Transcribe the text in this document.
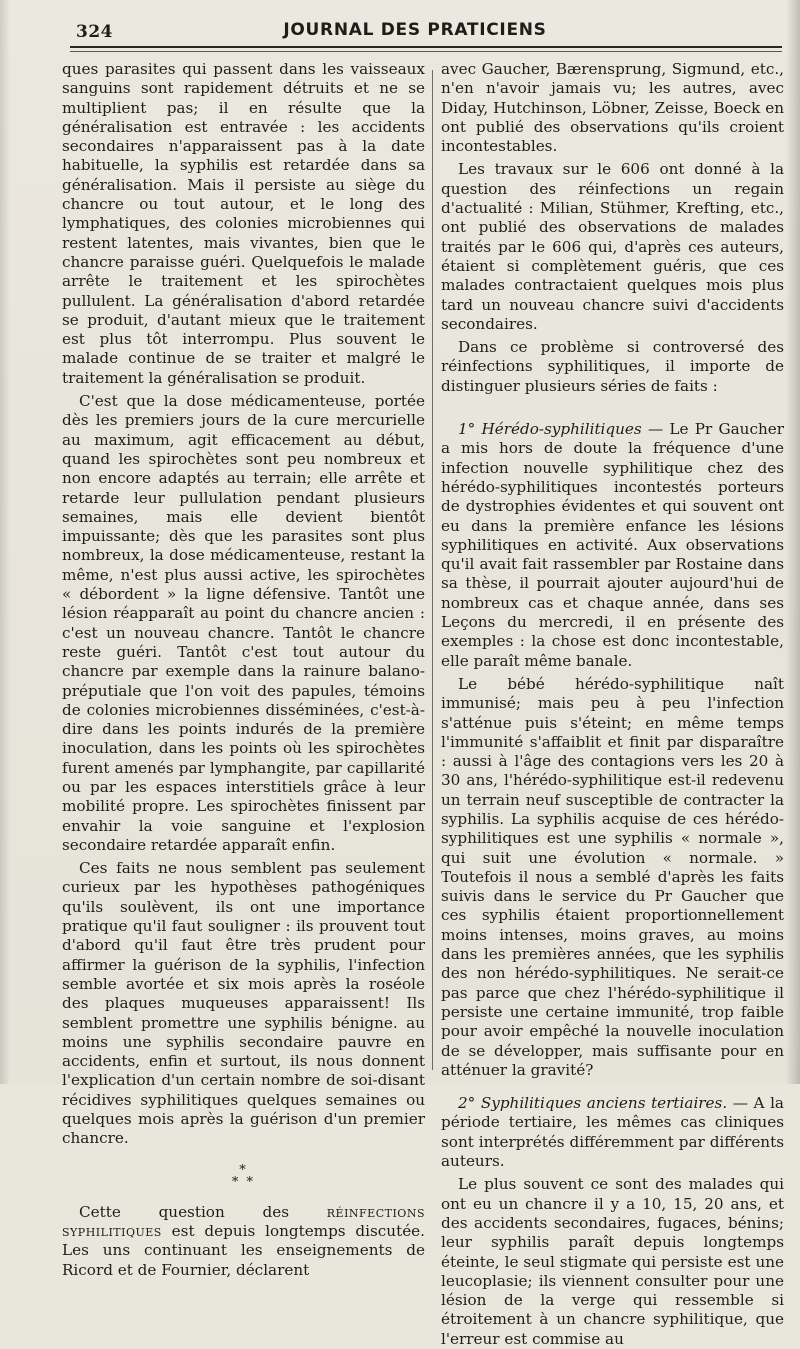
324	JOURNAL DES PRATICIENS

ques parasites qui passent dans les vaisseaux sanguins sont rapidement détruits et ne se multiplient pas; il en résulte que la généralisation est entravée : les accidents secondaires n'apparaissent pas à la date habituelle, la syphilis est retardée dans sa généralisation. Mais il persiste au siège du chancre ou tout autour, et le long des lymphatiques, des colonies microbiennes qui restent latentes, mais vivantes, bien que le chancre paraisse guéri. Quelquefois le malade arrête le traitement et les spirochètes pullulent. La généralisation d'abord retardée se produit, d'autant mieux que le traitement est plus tôt interrompu. Plus souvent le malade continue de se traiter et malgré le traitement la généralisation se produit.

C'est que la dose médicamenteuse, portée dès les premiers jours de la cure mercurielle au maximum, agit efficacement au début, quand les spirochètes sont peu nombreux et non encore adaptés au terrain; elle arrête et retarde leur pullulation pendant plusieurs semaines, mais elle devient bientôt impuissante; dès que les parasites sont plus nombreux, la dose médicamenteuse, restant la même, n'est plus aussi active, les spirochètes « débordent » la ligne défensive. Tantôt une lésion réapparaît au point du chancre ancien : c'est un nouveau chancre. Tantôt le chancre reste guéri. Tantôt c'est tout autour du chancre par exemple dans la rainure balano-préputiale que l'on voit des papules, témoins de colonies microbiennes disséminées, c'est-à-dire dans les points indurés de la première inoculation, dans les points où les spirochètes furent amenés par lymphangite, par capillarité ou par les espaces interstitiels grâce à leur mobilité propre. Les spirochètes finissent par envahir la voie sanguine et l'explosion secondaire retardée apparaît enfin.

Ces faits ne nous semblent pas seulement curieux par les hypothèses pathogéniques qu'ils soulèvent, ils ont une importance pratique qu'il faut souligner : ils prouvent tout d'abord qu'il faut être très prudent pour affirmer la guérison de la syphilis, l'infection semble avortée et six mois après la roséole des plaques muqueuses apparaissent! Ils semblent promettre une syphilis bénigne. au moins une syphilis secondaire pauvre en accidents, enfin et surtout, ils nous donnent l'explication d'un certain nombre de soi-disant récidives syphilitiques quelques semaines ou quelques mois après la guérison d'un premier chancre.

*
* *

Cette question des réinfections syphilitiques est depuis longtemps discutée. Les uns continuant les enseignements de Ricord et de Fournier, déclarent

avec Gaucher, Bærensprung, Sigmund, etc., n'en n'avoir jamais vu; les autres, avec Diday, Hutchinson, Löbner, Zeisse, Boeck en ont publié des observations qu'ils croient incontestables.

Les travaux sur le 606 ont donné à la question des réinfections un regain d'actualité : Milian, Stühmer, Krefting, etc., ont publié des observations de malades traités par le 606 qui, d'après ces auteurs, étaient si complètement guéris, que ces malades contractaient quelques mois plus tard un nouveau chancre suivi d'accidents secondaires.

Dans ce problème si controversé des réinfections syphilitiques, il importe de distinguer plusieurs séries de faits :

1° Hérédo-syphilitiques — Le Pr Gaucher a mis hors de doute la fréquence d'une infection nouvelle syphilitique chez des hérédo-syphilitiques incontestés porteurs de dystrophies évidentes et qui souvent ont eu dans la première enfance les lésions syphilitiques en activité. Aux observations qu'il avait fait rassembler par Rostaine dans sa thèse, il pourrait ajouter aujourd'hui de nombreux cas et chaque année, dans ses Leçons du mercredi, il en présente des exemples : la chose est donc incontestable, elle paraît même banale.

Le bébé hérédo-syphilitique naît immunisé; mais peu à peu l'infection s'atténue puis s'éteint; en même temps l'immunité s'affaiblit et finit par disparaître : aussi à l'âge des contagions vers les 20 à 30 ans, l'hérédo-syphilitique est-il redevenu un terrain neuf susceptible de contracter la syphilis. La syphilis acquise de ces hérédo-syphilitiques est une syphilis « normale », qui suit une évolution « normale. » Toutefois il nous a semblé d'après les faits suivis dans le service du Pr Gaucher que ces syphilis étaient proportionnellement moins intenses, moins graves, au moins dans les premières années, que les syphilis des non hérédo-syphilitiques. Ne serait-ce pas parce que chez l'hérédo-syphilitique il persiste une certaine immunité, trop faible pour avoir empêché la nouvelle inoculation de se développer, mais suffisante pour en atténuer la gravité?

2° Syphilitiques anciens tertiaires. — A la période tertiaire, les mêmes cas cliniques sont interprétés différemment par différents auteurs.

Le plus souvent ce sont des malades qui ont eu un chancre il y a 10, 15, 20 ans, et des accidents secondaires, fugaces, bénins; leur syphilis paraît depuis longtemps éteinte, le seul stigmate qui persiste est une leucoplasie; ils viennent consulter pour une lésion de la verge qui ressemble si étroitement à un chancre syphilitique, que l'erreur est commise au
